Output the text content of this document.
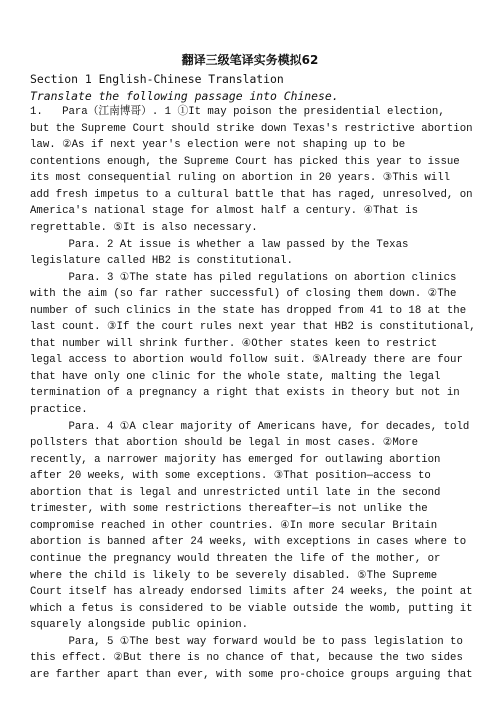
翻译三级笔译实务模拟62
Section 1 English-Chinese Translation
Translate the following passage into Chinese.
1.   Para（江南博哥）. 1 ①It may poison the presidential election,
but the Supreme Court should strike down Texas's restrictive abortion
law. ②As if next year's election were not shaping up to be
contentions enough, the Supreme Court has picked this year to issue
its most consequential ruling on abortion in 20 years. ③This will
add fresh impetus to a cultural battle that has raged, unresolved, on
America's national stage for almost half a century. ④That is
regrettable. ⑤It is also necessary.
Para. 2 At issue is whether a law passed by the Texas
legislature called HB2 is constitutional.
Para. 3 ①The state has piled regulations on abortion clinics
with the aim (so far rather successful) of closing them down. ②The
number of such clinics in the state has dropped from 41 to 18 at the
last count. ③If the court rules next year that HB2 is constitutional,
that number will shrink further. ④Other states keen to restrict
legal access to abortion would follow suit. ⑤Already there are four
that have only one clinic for the whole state, malting the legal
termination of a pregnancy a right that exists in theory but not in
practice.
Para. 4 ①A clear majority of Americans have, for decades, told
pollsters that abortion should be legal in most cases. ②More
recently, a narrower majority has emerged for outlawing abortion
after 20 weeks, with some exceptions. ③That position—access to
abortion that is legal and unrestricted until late in the second
trimester, with some restrictions thereafter—is not unlike the
compromise reached in other countries. ④In more secular Britain
abortion is banned after 24 weeks, with exceptions in cases where to
continue the pregnancy would threaten the life of the mother, or
where the child is likely to be severely disabled. ⑤The Supreme
Court itself has already endorsed limits after 24 weeks, the point at
which a fetus is considered to be viable outside the womb, putting it
squarely alongside public opinion.
Para, 5 ①The best way forward would be to pass legislation to
this effect. ②But there is no chance of that, because the two sides
are farther apart than ever, with some pro-choice groups arguing that
